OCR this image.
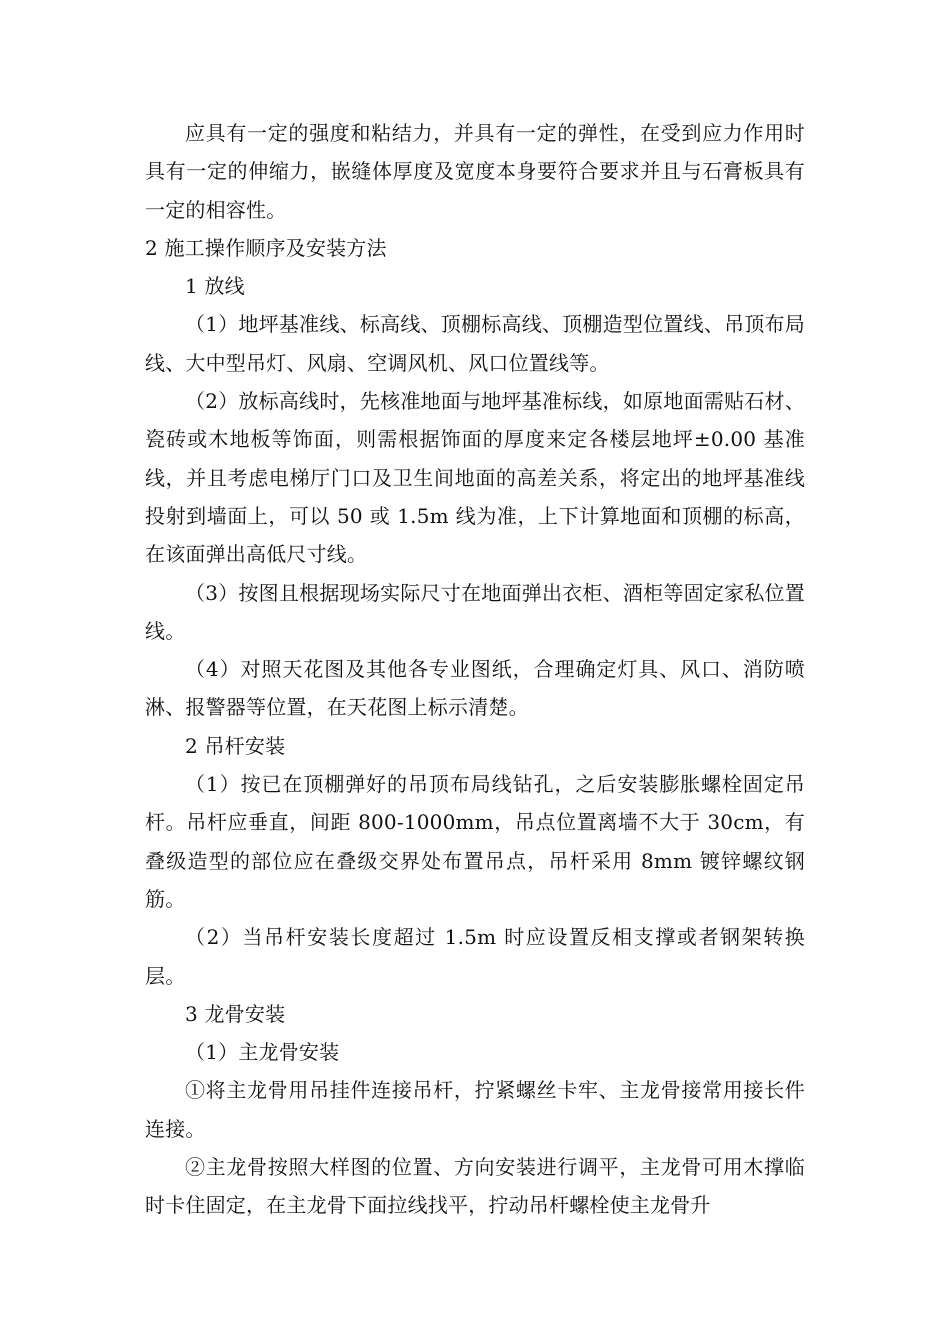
应具有一定的强度和粘结力，并具有一定的弹性，在受到应力作用时具有一定的伸缩力，嵌缝体厚度及宽度本身要符合要求并且与石膏板具有一定的相容性。

2 施工操作顺序及安装方法

1 放线

（1）地坪基准线、标高线、顶棚标高线、顶棚造型位置线、吊顶布局线、大中型吊灯、风扇、空调风机、风口位置线等。

（2）放标高线时，先核准地面与地坪基准标线，如原地面需贴石材、瓷砖或木地板等饰面，则需根据饰面的厚度来定各楼层地坪±0.00 基准线，并且考虑电梯厅门口及卫生间地面的高差关系，将定出的地坪基准线投射到墙面上，可以 50 或 1.5m 线为准，上下计算地面和顶棚的标高，在该面弹出高低尺寸线。

（3）按图且根据现场实际尺寸在地面弹出衣柜、酒柜等固定家私位置线。

（4）对照天花图及其他各专业图纸，合理确定灯具、风口、消防喷淋、报警器等位置，在天花图上标示清楚。

2 吊杆安装

（1）按已在顶棚弹好的吊顶布局线钻孔，之后安装膨胀螺栓固定吊杆。吊杆应垂直，间距 800-1000mm，吊点位置离墙不大于 30cm，有叠级造型的部位应在叠级交界处布置吊点，吊杆采用 8mm 镀锌螺纹钢筋。

（2）当吊杆安装长度超过 1.5m 时应设置反相支撑或者钢架转换层。

3 龙骨安装

（1）主龙骨安装

①将主龙骨用吊挂件连接吊杆，拧紧螺丝卡牢、主龙骨接常用接长件连接。

②主龙骨按照大样图的位置、方向安装进行调平，主龙骨可用木撑临时卡住固定，在主龙骨下面拉线找平，拧动吊杆螺栓使主龙骨升
